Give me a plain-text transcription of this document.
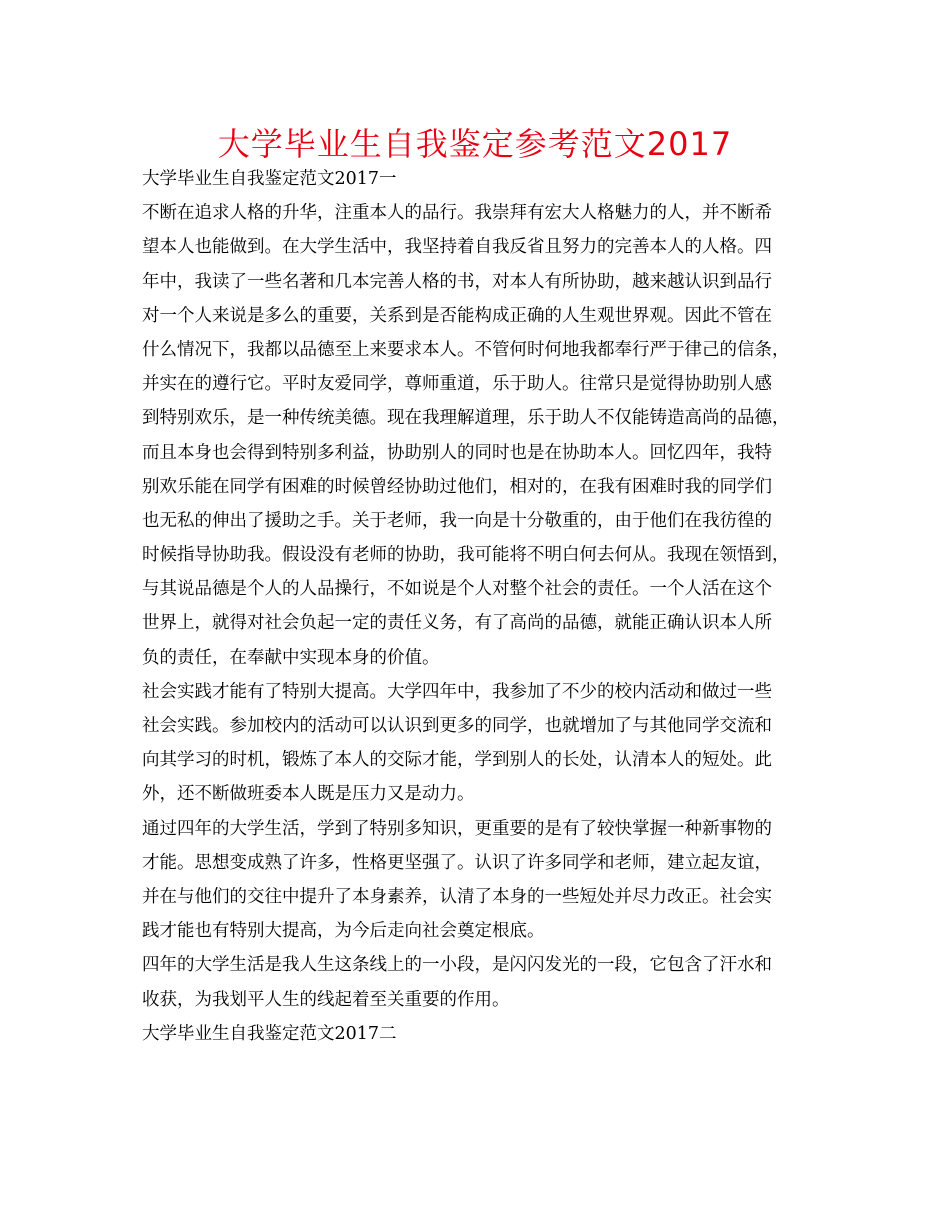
大学毕业生自我鉴定参考范文2017
大学毕业生自我鉴定范文2017一
不断在追求人格的升华，注重本人的品行。我崇拜有宏大人格魅力的人，并不断希
望本人也能做到。在大学生活中，我坚持着自我反省且努力的完善本人的人格。四
年中，我读了一些名著和几本完善人格的书，对本人有所协助，越来越认识到品行
对一个人来说是多么的重要，关系到是否能构成正确的人生观世界观。因此不管在
什么情况下，我都以品德至上来要求本人。不管何时何地我都奉行严于律己的信条，
并实在的遵行它。平时友爱同学，尊师重道，乐于助人。往常只是觉得协助别人感
到特别欢乐，是一种传统美德。现在我理解道理，乐于助人不仅能铸造高尚的品德，
而且本身也会得到特别多利益，协助别人的同时也是在协助本人。回忆四年，我特
别欢乐能在同学有困难的时候曾经协助过他们，相对的，在我有困难时我的同学们
也无私的伸出了援助之手。关于老师，我一向是十分敬重的，由于他们在我彷徨的
时候指导协助我。假设没有老师的协助，我可能将不明白何去何从。我现在领悟到，
与其说品德是个人的人品操行，不如说是个人对整个社会的责任。一个人活在这个
世界上，就得对社会负起一定的责任义务，有了高尚的品德，就能正确认识本人所
负的责任，在奉献中实现本身的价值。
社会实践才能有了特别大提高。大学四年中，我参加了不少的校内活动和做过一些
社会实践。参加校内的活动可以认识到更多的同学，也就增加了与其他同学交流和
向其学习的时机，锻炼了本人的交际才能，学到别人的长处，认清本人的短处。此
外，还不断做班委本人既是压力又是动力。
通过四年的大学生活，学到了特别多知识，更重要的是有了较快掌握一种新事物的
才能。思想变成熟了许多，性格更坚强了。认识了许多同学和老师，建立起友谊，
并在与他们的交往中提升了本身素养，认清了本身的一些短处并尽力改正。社会实
践才能也有特别大提高，为今后走向社会奠定根底。
四年的大学生活是我人生这条线上的一小段，是闪闪发光的一段，它包含了汗水和
收获，为我划平人生的线起着至关重要的作用。
大学毕业生自我鉴定范文2017二
